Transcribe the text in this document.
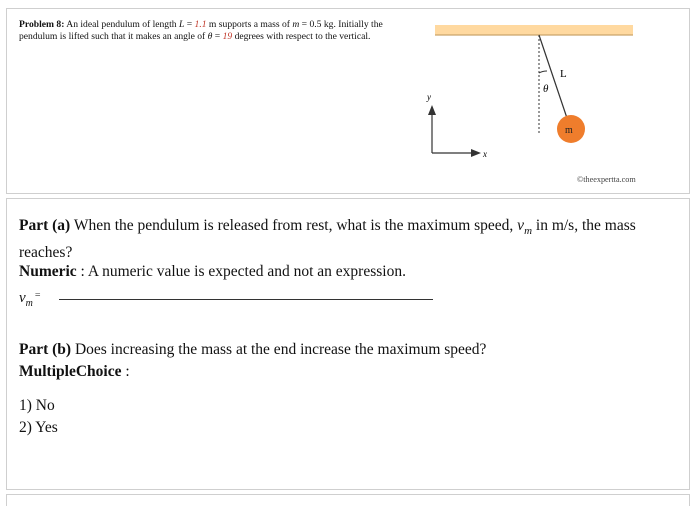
Problem 8: An ideal pendulum of length L = 1.1 m supports a mass of m = 0.5 kg. Initially the pendulum is lifted such that it makes an angle of θ = 19 degrees with respect to the vertical.
L
θ
m
y
x
©theexpertta.com
Part (a) When the pendulum is released from rest, what is the maximum speed, $v_m$ in m/s, the mass reaches?
Numeric : A numeric value is expected and not an expression.
$v_m^=$
Part (b) Does increasing the mass at the end increase the maximum speed?
MultipleChoice :
1) No
2) Yes
